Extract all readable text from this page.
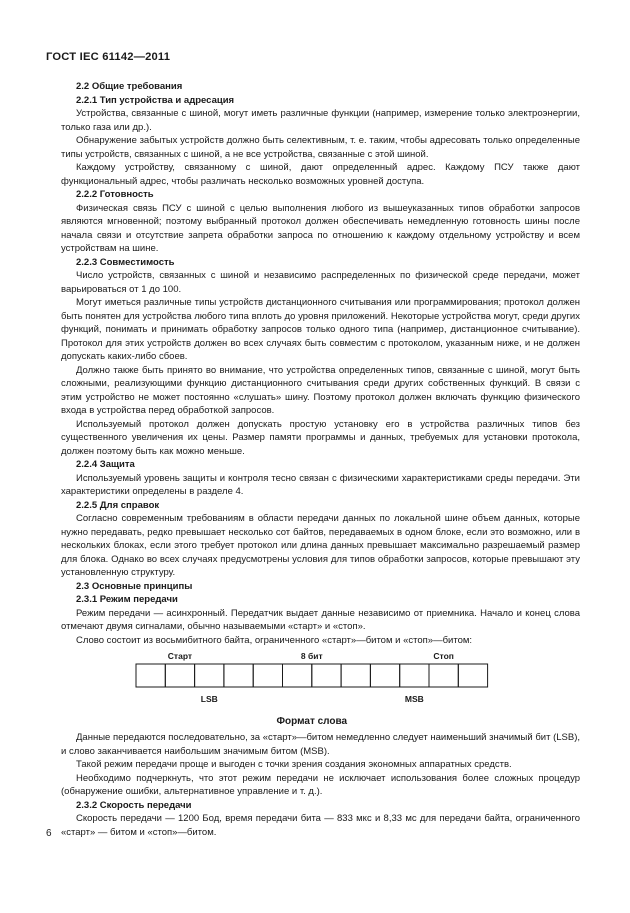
ГОСТ IEC 61142—2011

2.2 Общие требования

2.2.1 Тип устройства и адресация

Устройства, связанные с шиной, могут иметь различные функции (например, измерение только электроэнергии, только газа или др.).

Обнаружение забытых устройств должно быть селективным, т. е. таким, чтобы адресовать только определенные типы устройств, связанных с шиной, а не все устройства, связанные с этой шиной.

Каждому устройству, связанному с шиной, дают определенный адрес. Каждому ПСУ также дают функциональный адрес, чтобы различать несколько возможных уровней доступа.

2.2.2 Готовность

Физическая связь ПСУ с шиной с целью выполнения любого из вышеуказанных типов обработки запросов являются мгновенной; поэтому выбранный протокол должен обеспечивать немедленную готовность шины после начала связи и отсутствие запрета обработки запроса по отношению к каждому отдельному устройству и всем устройствам на шине.

2.2.3 Совместимость

Число устройств, связанных с шиной и независимо распределенных по физической среде передачи, может варьироваться от 1 до 100.

Могут иметься различные типы устройств дистанционного считывания или программирования; протокол должен быть понятен для устройства любого типа вплоть до уровня приложений. Некоторые устройства могут, среди других функций, понимать и принимать обработку запросов только одного типа (например, дистанционное считывание). Протокол для этих устройств должен во всех случаях быть совместим с протоколом, указанным ниже, и не должен допускать каких-либо сбоев.

Должно также быть принято во внимание, что устройства определенных типов, связанные с шиной, могут быть сложными, реализующими функцию дистанционного считывания среди других собственных функций. В связи с этим устройство не может постоянно «слушать» шину. Поэтому протокол должен включать функцию физического входа в устройства перед обработкой запросов.

Используемый протокол должен допускать простую установку его в устройства различных типов без существенного увеличения их цены. Размер памяти программы и данных, требуемых для установки протокола, должен поэтому быть как можно меньше.

2.2.4 Защита

Используемый уровень защиты и контроля тесно связан с физическими характеристиками среды передачи. Эти характеристики определены в разделе 4.

2.2.5 Для справок

Согласно современным требованиям в области передачи данных по локальной шине объем данных, которые нужно передавать, редко превышает несколько сот байтов, передаваемых в одном блоке, если это возможно, или в нескольких блоках, если этого требует протокол или длина данных превышает максимально разрешаемый размер для блока. Однако во всех случаях предусмотрены условия для типов обработки запросов, которые превышают эту установленную структуру.

2.3 Основные принципы

2.3.1 Режим передачи

Режим передачи — асинхронный. Передатчик выдает данные независимо от приемника. Начало и конец слова отмечают двумя сигналами, обычно называемыми «старт» и «стоп».

Слово состоит из восьмибитного байта, ограниченного «старт»—битом и «стоп»—битом:

Старт	8 бит	Стоп
LSB	MSB
Формат слова

Данные передаются последовательно, за «старт»—битом немедленно следует наименьший значимый бит (LSB), и слово заканчивается наибольшим значимым битом (MSB).

Такой режим передачи проще и выгоден с точки зрения создания экономных аппаратных средств.

Необходимо подчеркнуть, что этот режим передачи не исключает использования более сложных процедур (обнаружение ошибки, альтернативное управление и т. д.).

2.3.2 Скорость передачи

Скорость передачи — 1200 Бод, время передачи бита — 833 мкс и 8,33 мс для передачи байта, ограниченного «старт» — битом и «стоп»—битом.

6
